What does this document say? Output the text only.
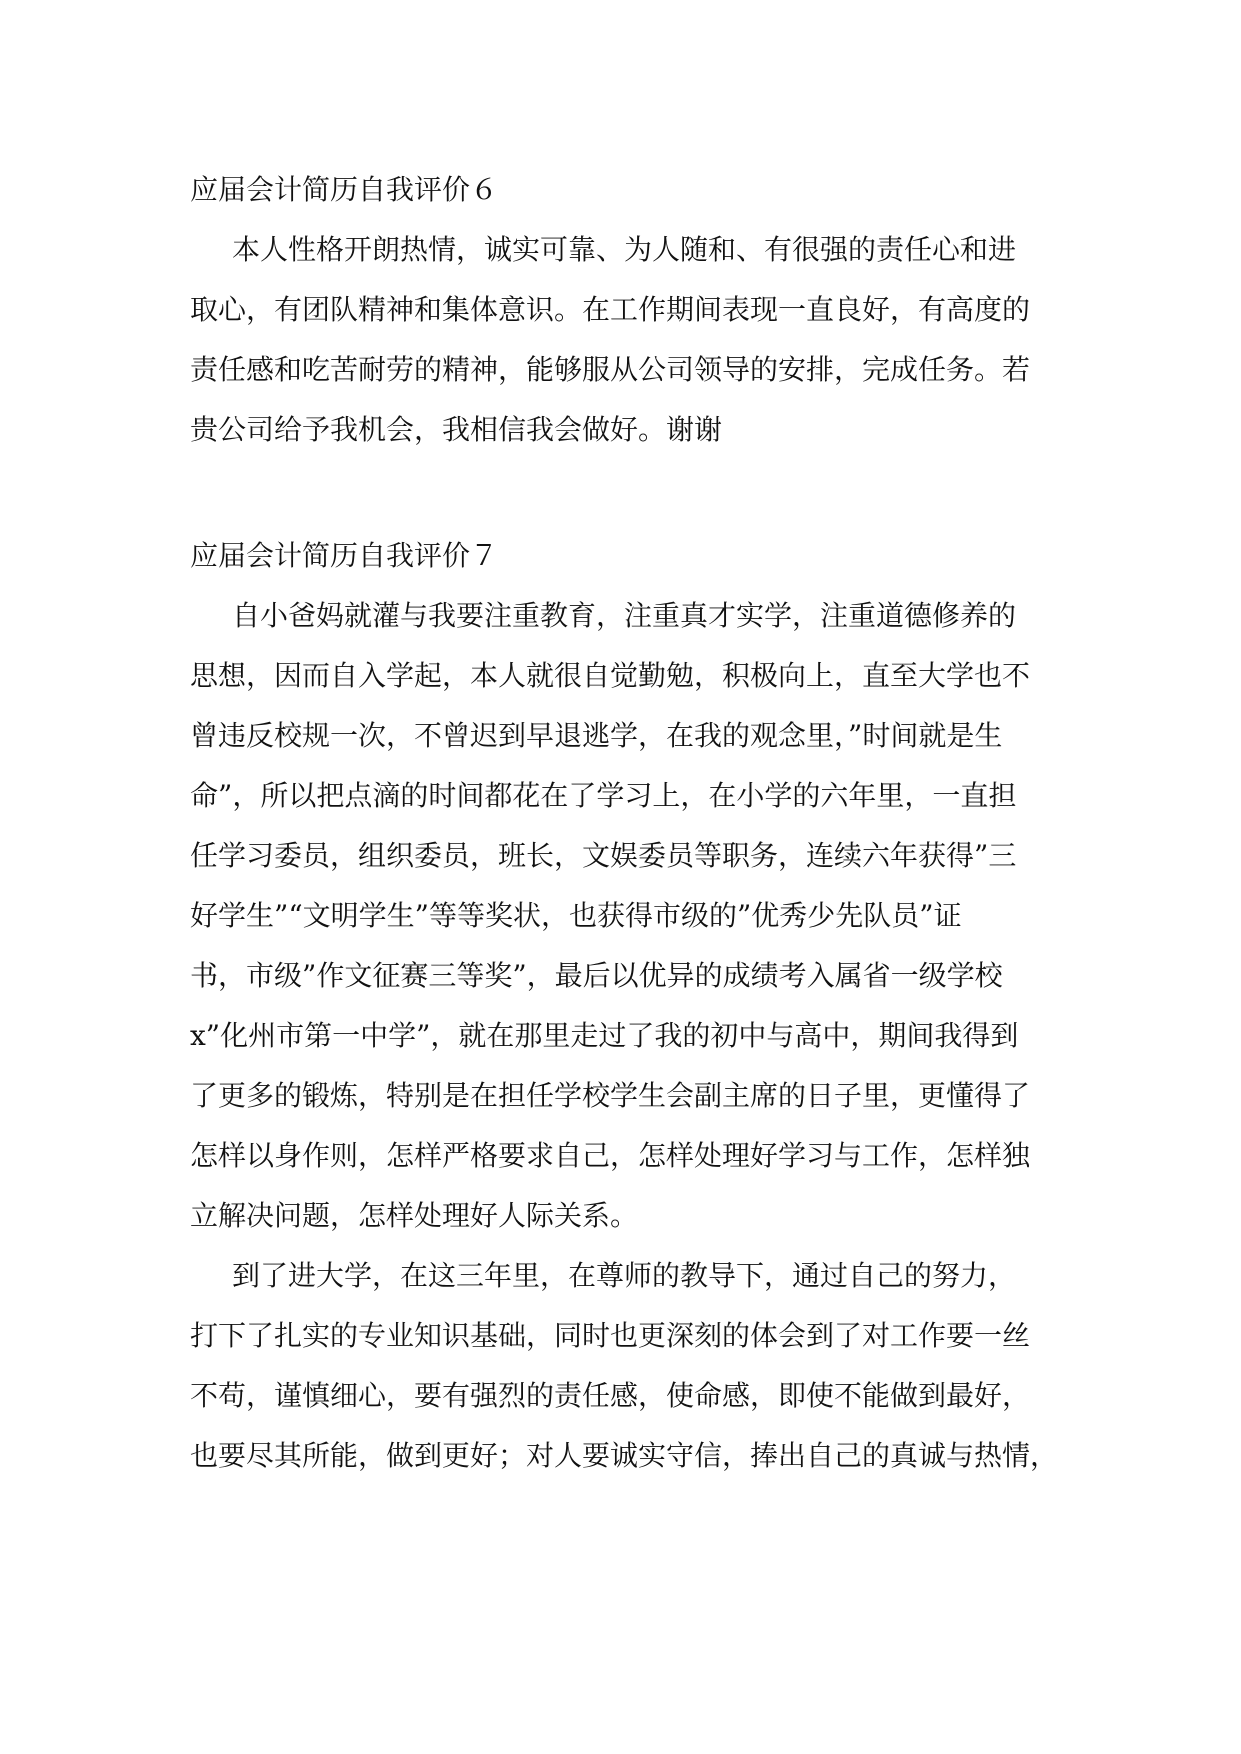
应届会计简历自我评价６
本人性格开朗热情，诚实可靠、为人随和、有很强的责任心和进
取心，有团队精神和集体意识。在工作期间表现一直良好，有高度的
责任感和吃苦耐劳的精神，能够服从公司领导的安排，完成任务。若
贵公司给予我机会，我相信我会做好。谢谢
应届会计简历自我评价７
自小爸妈就灌与我要注重教育，注重真才实学，注重道德修养的
思想，因而自入学起，本人就很自觉勤勉，积极向上，直至大学也不
曾违反校规一次，不曾迟到早退逃学，在我的观念里，”时间就是生
命”，所以把点滴的时间都花在了学习上，在小学的六年里，一直担
任学习委员，组织委员，班长，文娱委员等职务，连续六年获得”三
好学生”“文明学生”等等奖状，也获得市级的”优秀少先队员”证
书，市级”作文征赛三等奖”，最后以优异的成绩考入属省一级学校
x”化州市第一中学”，就在那里走过了我的初中与高中，期间我得到
了更多的锻炼，特别是在担任学校学生会副主席的日子里，更懂得了
怎样以身作则，怎样严格要求自己，怎样处理好学习与工作，怎样独
立解决问题，怎样处理好人际关系。
到了进大学，在这三年里，在尊师的教导下，通过自己的努力，
打下了扎实的专业知识基础，同时也更深刻的体会到了对工作要一丝
不苟，谨慎细心，要有强烈的责任感，使命感，即使不能做到最好，
也要尽其所能，做到更好；对人要诚实守信，捧出自己的真诚与热情，
